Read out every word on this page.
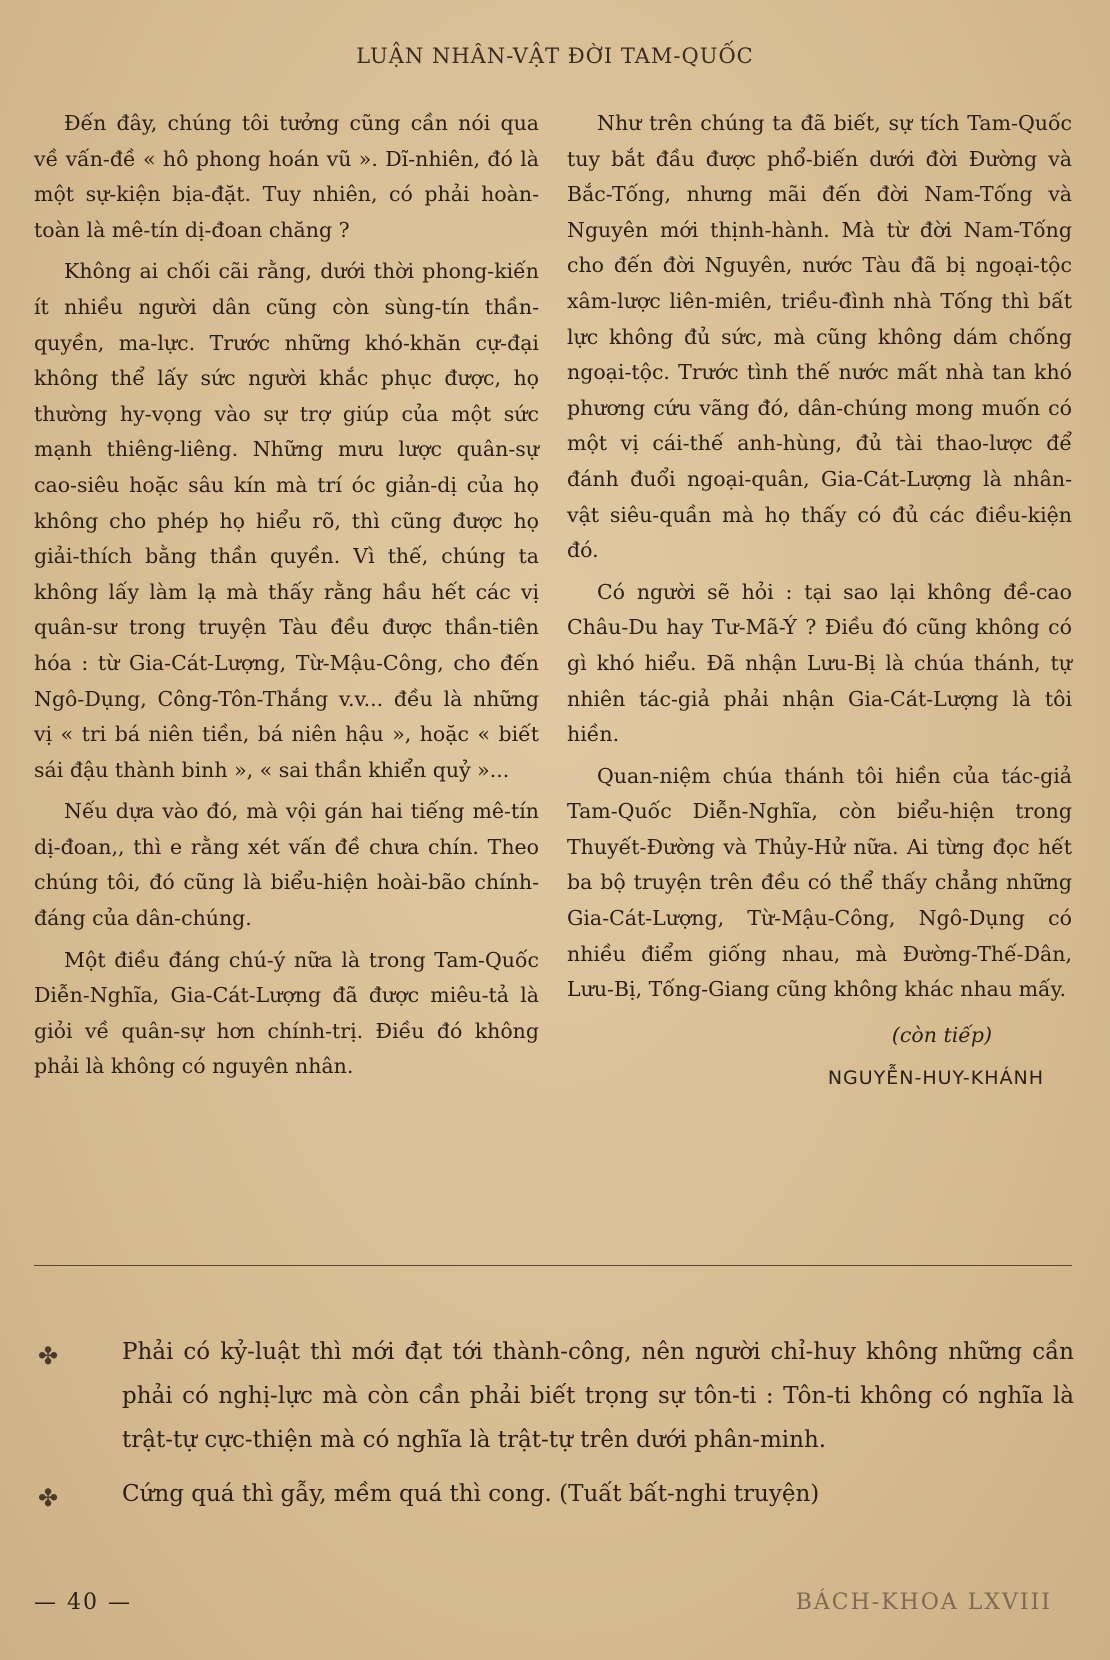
LUẬN NHÂN-VẬT ĐỜI TAM-QUỐC

Đến đây, chúng tôi tưởng cũng cần nói qua về vấn-đề « hô phong hoán vũ ». Dĩ-nhiên, đó là một sự-kiện bịa-đặt. Tuy nhiên, có phải hoàn-toàn là mê-tín dị-đoan chăng ?

Không ai chối cãi rằng, dưới thời phong-kiến ít nhiều người dân cũng còn sùng-tín thần-quyền, ma-lực. Trước những khó-khăn cự-đại không thể lấy sức người khắc phục được, họ thường hy-vọng vào sự trợ giúp của một sức mạnh thiêng-liêng. Những mưu lược quân-sự cao-siêu hoặc sâu kín mà trí óc giản-dị của họ không cho phép họ hiểu rõ, thì cũng được họ giải-thích bằng thần quyền. Vì thế, chúng ta không lấy làm lạ mà thấy rằng hầu hết các vị quân-sư trong truyện Tàu đều được thần-tiên hóa : từ Gia-Cát-Lượng, Từ-Mậu-Công, cho đến Ngô-Dụng, Công-Tôn-Thắng v.v... đều là những vị « tri bá niên tiền, bá niên hậu », hoặc « biết sái đậu thành binh », « sai thần khiển quỷ »...

Nếu dựa vào đó, mà vội gán hai tiếng mê-tín dị-đoan,, thì e rằng xét vấn đề chưa chín. Theo chúng tôi, đó cũng là biểu-hiện hoài-bão chính-đáng của dân-chúng.

Một điều đáng chú-ý nữa là trong Tam-Quốc Diễn-Nghĩa, Gia-Cát-Lượng đã được miêu-tả là giỏi về quân-sự hơn chính-trị. Điều đó không phải là không có nguyên nhân.

Như trên chúng ta đã biết, sự tích Tam-Quốc tuy bắt đầu được phổ-biến dưới đời Đường và Bắc-Tống, nhưng mãi đến đời Nam-Tống và Nguyên mới thịnh-hành. Mà từ đời Nam-Tống cho đến đời Nguyên, nước Tàu đã bị ngoại-tộc xâm-lược liên-miên, triều-đình nhà Tống thì bất lực không đủ sức, mà cũng không dám chống ngoại-tộc. Trước tình thế nước mất nhà tan khó phương cứu vãng đó, dân-chúng mong muốn có một vị cái-thế anh-hùng, đủ tài thao-lược để đánh đuổi ngoại-quân, Gia-Cát-Lượng là nhân-vật siêu-quần mà họ thấy có đủ các điều-kiện đó.

Có người sẽ hỏi : tại sao lại không đề-cao Châu-Du hay Tư-Mã-Ý ? Điều đó cũng không có gì khó hiểu. Đã nhận Lưu-Bị là chúa thánh, tự nhiên tác-giả phải nhận Gia-Cát-Lượng là tôi hiền.

Quan-niệm chúa thánh tôi hiền của tác-giả Tam-Quốc Diễn-Nghĩa, còn biểu-hiện trong Thuyết-Đường và Thủy-Hử nữa. Ai từng đọc hết ba bộ truyện trên đều có thể thấy chẳng những Gia-Cát-Lượng, Từ-Mậu-Công, Ngô-Dụng có nhiều điểm giống nhau, mà Đường-Thế-Dân, Lưu-Bị, Tống-Giang cũng không khác nhau mấy.

(còn tiếp)
NGUYỄN-HUY-KHÁNH
✤	Phải có kỷ-luật thì mới đạt tới thành-công, nên người chỉ-huy không những cần phải có nghị-lực mà còn cần phải biết trọng sự tôn-ti : Tôn-ti không có nghĩa là trật-tự cực-thiện mà có nghĩa là trật-tự trên dưới phân-minh.
✤	Cứng quá thì gẫy, mềm quá thì cong. (Tuất bất-nghi truyện)
— 40 —	BÁCH-KHOA LXVIII
